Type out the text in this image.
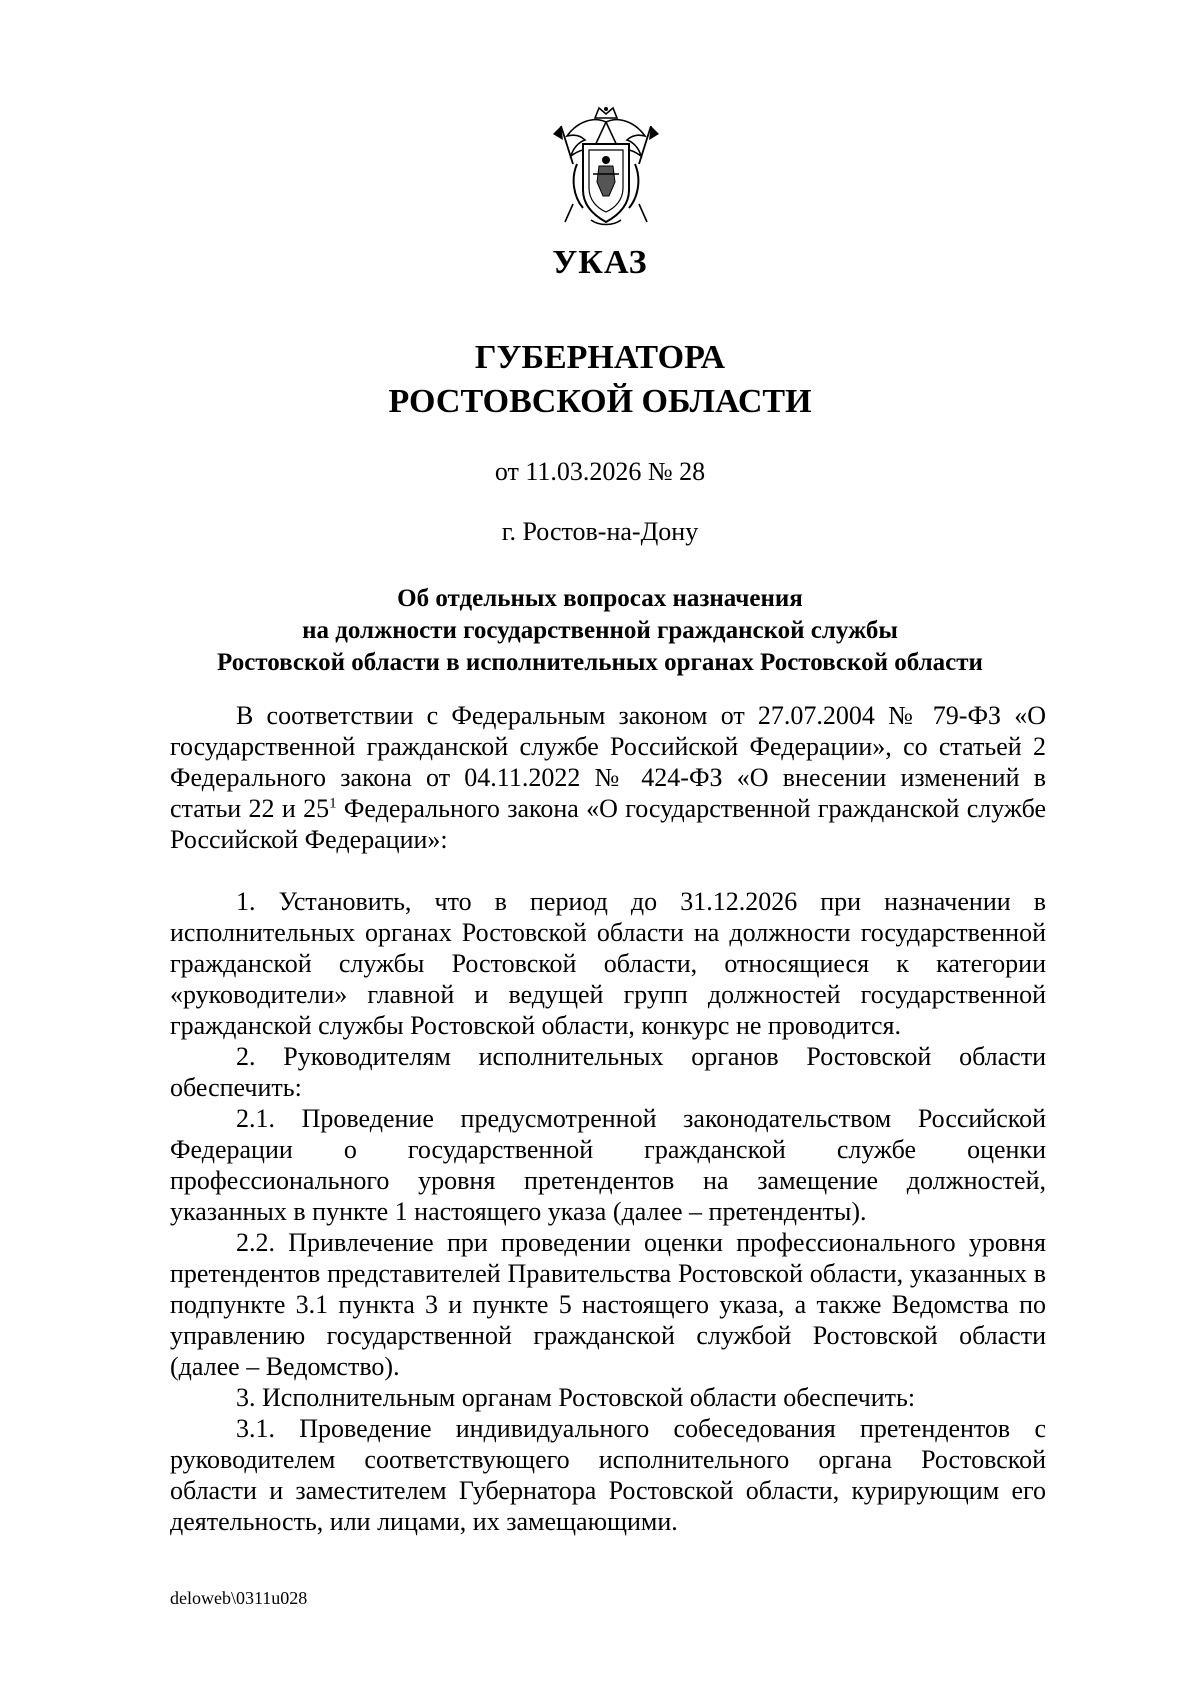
УКАЗ
ГУБЕРНАТОРА
РОСТОВСКОЙ ОБЛАСТИ
от 11.03.2026 № 28
г. Ростов-на-Дону
Об отдельных вопросах назначения
на должности государственной гражданской службы
Ростовской области в исполнительных органах Ростовской области

В соответствии с Федеральным законом от 27.07.2004 № 79-ФЗ «О государственной гражданской службе Российской Федерации», со статьей 2 Федерального закона от 04.11.2022 № 424-ФЗ «О внесении изменений в статьи 22 и $25^1$ Федерального закона «О государственной гражданской службе Российской Федерации»:

1. Установить, что в период до 31.12.2026 при назначении в исполнительных органах Ростовской области на должности государственной гражданской службы Ростовской области, относящиеся к категории «руководители» главной и ведущей групп должностей государственной гражданской службы Ростовской области, конкурс не проводится.

2. Руководителям исполнительных органов Ростовской области обеспечить:

2.1. Проведение предусмотренной законодательством Российской Федерации о государственной гражданской службе оценки профессионального уровня претендентов на замещение должностей, указанных в пункте 1 настоящего указа (далее – претенденты).

2.2. Привлечение при проведении оценки профессионального уровня претендентов представителей Правительства Ростовской области, указанных в подпункте 3.1 пункта 3 и пункте 5 настоящего указа, а также Ведомства по управлению государственной гражданской службой Ростовской области (далее – Ведомство).

3. Исполнительным органам Ростовской области обеспечить:

3.1. Проведение индивидуального собеседования претендентов с руководителем соответствующего исполнительного органа Ростовской области и заместителем Губернатора Ростовской области, курирующим его деятельность, или лицами, их замещающими.

deloweb\0311u028
